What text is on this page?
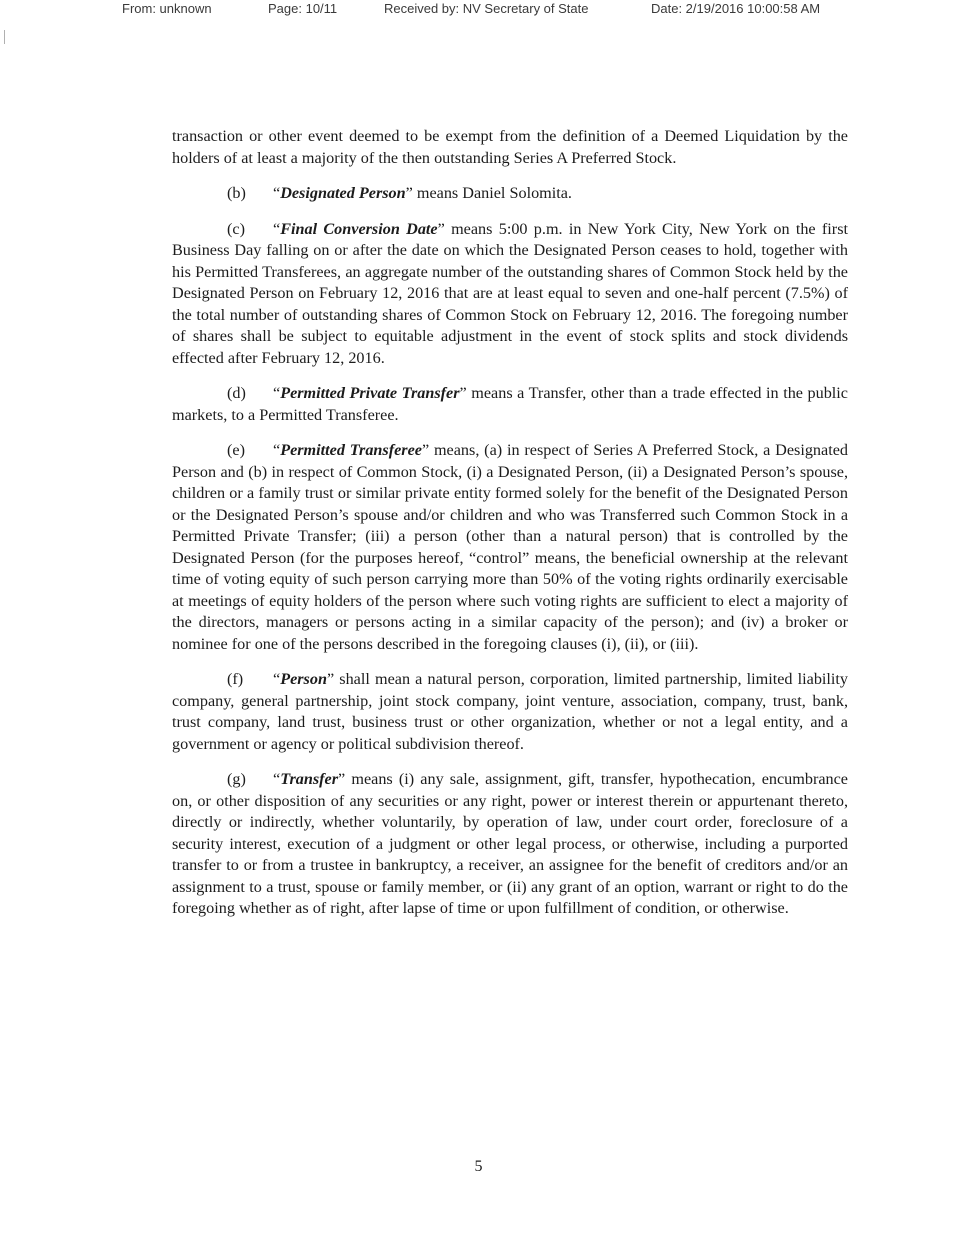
From: unknown	Page: 10/11	Received by: NV Secretary of State	Date: 2/19/2016 10:00:58 AM

transaction or other event deemed to be exempt from the definition of a Deemed Liquidation by the holders of at least a majority of the then outstanding Series A Preferred Stock.

(b) “Designated Person” means Daniel Solomita.

(c) “Final Conversion Date” means 5:00 p.m. in New York City, New York on the first Business Day falling on or after the date on which the Designated Person ceases to hold, together with his Permitted Transferees, an aggregate number of the outstanding shares of Common Stock held by the Designated Person on February 12, 2016 that are at least equal to seven and one-half percent (7.5%) of the total number of outstanding shares of Common Stock on February 12, 2016. The foregoing number of shares shall be subject to equitable adjustment in the event of stock splits and stock dividends effected after February 12, 2016.

(d) “Permitted Private Transfer” means a Transfer, other than a trade effected in the public markets, to a Permitted Transferee.

(e) “Permitted Transferee” means, (a) in respect of Series A Preferred Stock, a Designated Person and (b) in respect of Common Stock, (i) a Designated Person, (ii) a Designated Person’s spouse, children or a family trust or similar private entity formed solely for the benefit of the Designated Person or the Designated Person’s spouse and/or children and who was Transferred such Common Stock in a Permitted Private Transfer; (iii) a person (other than a natural person) that is controlled by the Designated Person (for the purposes hereof, “control” means, the beneficial ownership at the relevant time of voting equity of such person carrying more than 50% of the voting rights ordinarily exercisable at meetings of equity holders of the person where such voting rights are sufficient to elect a majority of the directors, managers or persons acting in a similar capacity of the person); and (iv) a broker or nominee for one of the persons described in the foregoing clauses (i), (ii), or (iii).

(f) “Person” shall mean a natural person, corporation, limited partnership, limited liability company, general partnership, joint stock company, joint venture, association, company, trust, bank, trust company, land trust, business trust or other organization, whether or not a legal entity, and a government or agency or political subdivision thereof.

(g) “Transfer” means (i) any sale, assignment, gift, transfer, hypothecation, encumbrance on, or other disposition of any securities or any right, power or interest therein or appurtenant thereto, directly or indirectly, whether voluntarily, by operation of law, under court order, foreclosure of a security interest, execution of a judgment or other legal process, or otherwise, including a purported transfer to or from a trustee in bankruptcy, a receiver, an assignee for the benefit of creditors and/or an assignment to a trust, spouse or family member, or (ii) any grant of an option, warrant or right to do the foregoing whether as of right, after lapse of time or upon fulfillment of condition, or otherwise.

5
